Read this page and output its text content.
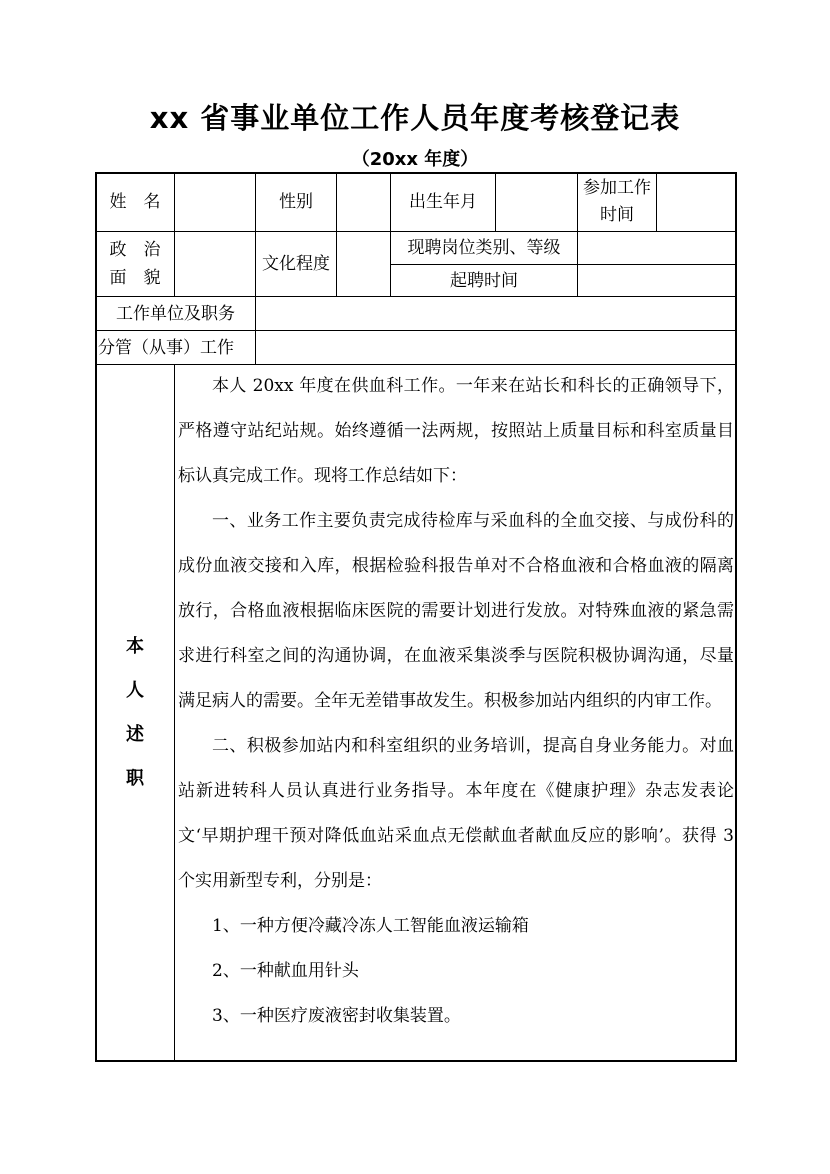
xx 省事业单位工作人员年度考核登记表
（20xx 年度）
姓　名	性别	出生年月
参加工作时间
政　治
面　貌
文化程度
现聘岗位类别、等级
起聘时间
工作单位及职务
分管（从事）工作
本
人
述
职

本人 20xx 年度在供血科工作。一年来在站长和科长的正确领导下，严格遵守站纪站规。始终遵循一法两规，按照站上质量目标和科室质量目标认真完成工作。现将工作总结如下：

一、业务工作主要负责完成待检库与采血科的全血交接、与成份科的成份血液交接和入库，根据检验科报告单对不合格血液和合格血液的隔离放行，合格血液根据临床医院的需要计划进行发放。对特殊血液的紧急需求进行科室之间的沟通协调，在血液采集淡季与医院积极协调沟通，尽量满足病人的需要。全年无差错事故发生。积极参加站内组织的内审工作。

二、积极参加站内和科室组织的业务培训，提高自身业务能力。对血站新进转科人员认真进行业务指导。本年度在《健康护理》杂志发表论文‘早期护理干预对降低血站采血点无偿献血者献血反应的影响’。获得 3 个实用新型专利，分别是：

1、一种方便冷藏冷冻人工智能血液运输箱

2、一种献血用针头

3、一种医疗废液密封收集装置。
